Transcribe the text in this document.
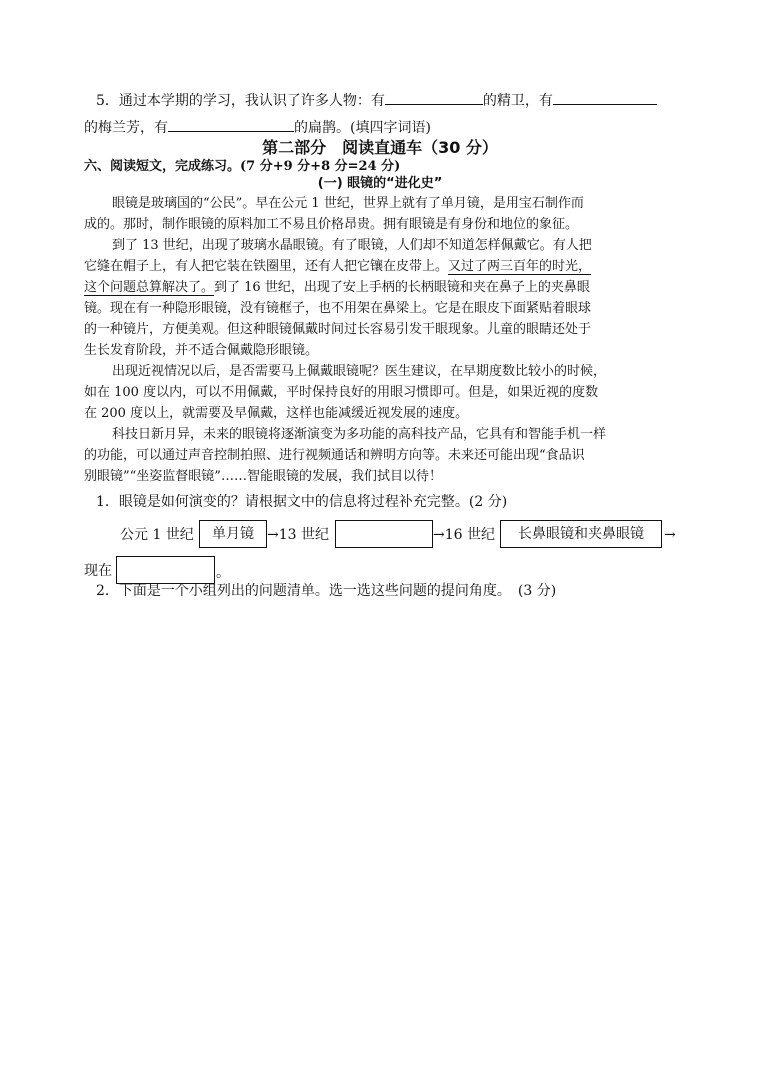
5．通过本学期的学习，我认识了许多人物：有	的精卫，有
的梅兰芳，有	的扁鹊。(填四字词语)
第二部分　阅读直通车（30 分）
六、阅读短文，完成练习。(7 分+9 分+8 分=24 分)
(一) 眼镜的“进化史”
眼镜是玻璃国的“公民”。早在公元 1 世纪，世界上就有了单月镜，是用宝石制作而
成的。那时，制作眼镜的原料加工不易且价格昂贵。拥有眼镜是有身份和地位的象征。
到了 13 世纪，出现了玻璃水晶眼镜。有了眼镜，人们却不知道怎样佩戴它。有人把
它缝在帽子上，有人把它装在铁圈里，还有人把它镶在皮带上。又过了两三百年的时光，
这个问题总算解决了。到了 16 世纪，出现了安上手柄的长柄眼镜和夹在鼻子上的夹鼻眼
镜。现在有一种隐形眼镜，没有镜框子，也不用架在鼻梁上。它是在眼皮下面紧贴着眼球
的一种镜片，方便美观。但这种眼镜佩戴时间过长容易引发干眼现象。儿童的眼睛还处于
生长发育阶段，并不适合佩戴隐形眼镜。
出现近视情况以后，是否需要马上佩戴眼镜呢？医生建议，在早期度数比较小的时候，
如在 100 度以内，可以不用佩戴，平时保持良好的用眼习惯即可。但是，如果近视的度数
在 200 度以上，就需要及早佩戴，这样也能减缓近视发展的速度。
科技日新月异，未来的眼镜将逐渐演变为多功能的高科技产品，它具有和智能手机一样
的功能，可以通过声音控制拍照、进行视频通话和辨明方向等。未来还可能出现“食品识
别眼镜”“坐姿监督眼镜”……智能眼镜的发展，我们拭目以待！
1．眼镜是如何演变的？请根据文中的信息将过程补充完整。(2 分)
公元 1 世纪	单月镜 →13 世纪	→16 世纪	长鼻眼镜和夹鼻眼镜	→
现在	。
2．下面是一个小组列出的问题清单。选一选这些问题的提问角度。　(3 分)
